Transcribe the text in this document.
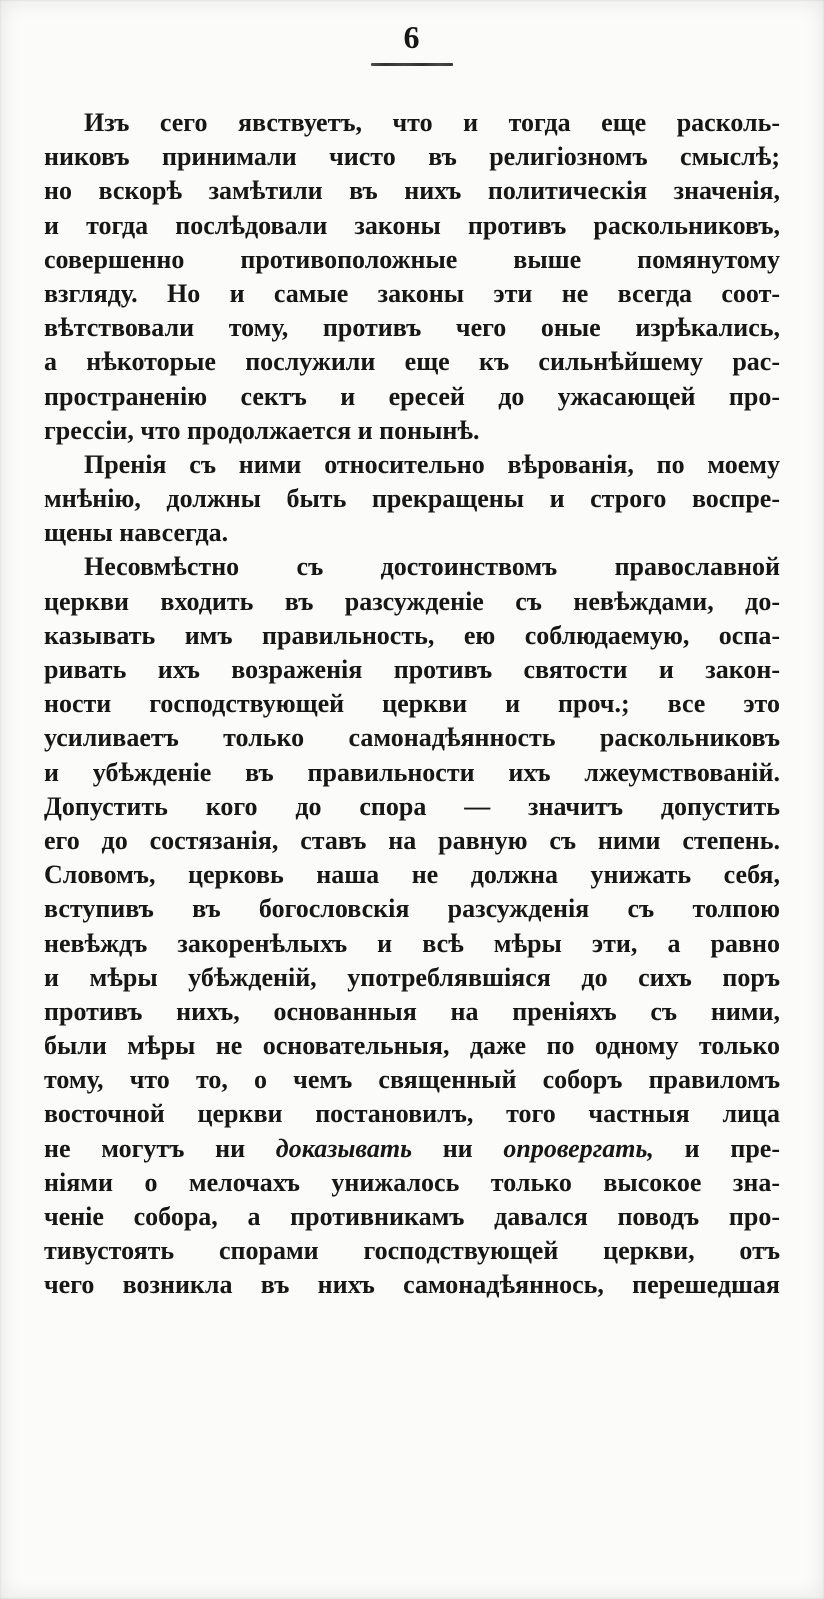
6
Изъ сего явствуетъ, что и тогда еще расколь-
никовъ принимали чисто въ религіозномъ смыслѣ;
но вскорѣ замѣтили въ нихъ политическія значенія,
и тогда послѣдовали законы противъ раскольниковъ,
совершенно противоположные выше помянутому
взгляду. Но и самые законы эти не всегда соот-
вѣтствовали тому, противъ чего оные изрѣкались,
а нѣкоторые послужили еще къ сильнѣйшему рас-
пространенію сектъ и ересей до ужасающей про-
грессіи, что продолжается и понынѣ.
Пренія съ ними относительно вѣрованія, по моему
мнѣнію, должны быть прекращены и строго воспре-
щены навсегда.
Несовмѣстно съ достоинствомъ православной
церкви входить въ разсужденіе съ невѣждами, до-
казывать имъ правильность, ею соблюдаемую, оспа-
ривать ихъ возраженія противъ святости и закон-
ности господствующей церкви и проч.; все это
усиливаетъ только самонадѣянность раскольниковъ
и убѣжденіе въ правильности ихъ лжеумствованій.
Допустить кого до спора — значитъ допустить
его до состязанія, ставъ на равную съ ними степень.
Словомъ, церковь наша не должна унижать себя,
вступивъ въ богословскія разсужденія съ толпою
невѣждъ закоренѣлыхъ и всѣ мѣры эти, а равно
и мѣры убѣжденій, употреблявшіяся до сихъ поръ
противъ нихъ, основанныя на преніяхъ съ ними,
были мѣры не основательныя, даже по одному только
тому, что то, о чемъ священный соборъ правиломъ
восточной церкви постановилъ, того частныя лица
не могутъ ни доказывать ни опровергать, и пре-
ніями о мелочахъ унижалось только высокое зна-
ченіе собора, а противникамъ давался поводъ про-
тивустоять спорами господствующей церкви, отъ
чего возникла въ нихъ самонадѣяннось, перешедшая
